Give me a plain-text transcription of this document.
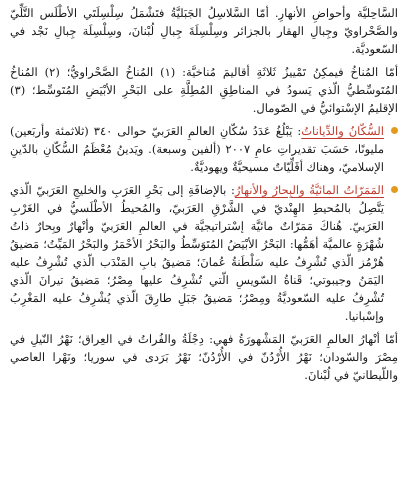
السَّاحِليَّة وأحواضِ الأنهارِ. أمّا السَّلاسِلُ الجَبَليَّةُ فتَشْمَلُ سِلْسِلَتَي الأطْلَس التَّلِّيّ والصَّحْراويّ وجِبالِ الهقار بالجزائر وسِلْسِلَةَ جِبالِ لُبْنانَ، وسِلْسِلَة جِبالِ نَجْد في السّعوديَّة.

أمّا المُناخُ فيمكِنُ تَمْييزُ ثَلاثَةِ أقاليمَ مُناخيَّة: (١) المُناخُ الصَّحْراويُّ؛ (٢) المُناخُ المُتَوسِّطيُّ الّذي يَسودُ في المناطِقِ المُطِلَّةِ على البَحْرِ الأبْيَضِ المُتَوسِّط؛ (٣) الإقليمُ الإسْتوائيُّ في الصّومال.

السُّكّانُ والدِّياناتُ: يَبْلُغُ عَدَدُ سُكّانِ العالمِ العَرَبيّ حوالى ٣٤٠ (ثلاثمئة وأربَعين) مليونًا، حَسَبَ تقديراتِ عامِ ٢٠٠٧ (ألفين وسبعة). ويَدينُ مُعْظَمُ السُّكّانِ بالدّينِ الإسلاميّ، وهناك أقَلِّيّاتٌ مسيحيَّةٌ ويهوديَّةٌ.

المَمَرّاتُ المائيَّةُ والبِحارُ والأنهارُ: بالإضافَةِ إلى بَحْرِ العَرَبِ والخليجِ العَرَبيّ الّذي يَتَّصِلُ بالمُحيطِ الهِنْديّ في الشَّرْقِ العَرَبيّ، والمُحيطُ الأطْلَسيُّ في الغَرْبِ العَرَبيّ. هُناكَ مَمَرّاتٌ مائيَّة إسْتراتيجيَّة في العالمِ العَرَبيّ وأنْهارٌ وبِحارٌ ذاتُ شُهْرَةٍ عالميَّة أهَمُّها: البَحْرُ الأبْيَضُ المُتَوَسِّطُ والبَحْرُ الأحْمَرُ والبَحْرُ المَيِّتُ؛ مَضيقُ هُرْمُز الّذي تُشْرِفُ عليه سَلْطَنةُ عُمانَ؛ مَضيقُ بابِ المَنْدَب الّذي تُشْرِفُ عليه اليَمَنُ وجيبوتي؛ قَناةُ السّويسِ الّتي تُشْرِفُ عليها مِصْرُ؛ مَضيقُ تيرانَ الّذي تُشْرِفُ عليه السّعوديَّةُ ومِصْرُ؛ مَضيقُ جَبَلِ طارِقَ الّذي يُشْرِفُ عليه المَغْرِبُ وإسْبانيا.

أمّا أنْهارُ العالمِ العَرَبيّ المَشْهورَةُ فهي: دِجْلَةُ والفُراتُ في العِراق؛ نَهْرُ النّيلِ في مِصْرَ والسّودان؛ نَهْرُ الأُرْدُنّ في الأُرْدُنّ؛ نَهْرُ بَرَدى في سوريا؛ ونَهْرا العاصي واللّيطانيّ في لُبْنانَ.
